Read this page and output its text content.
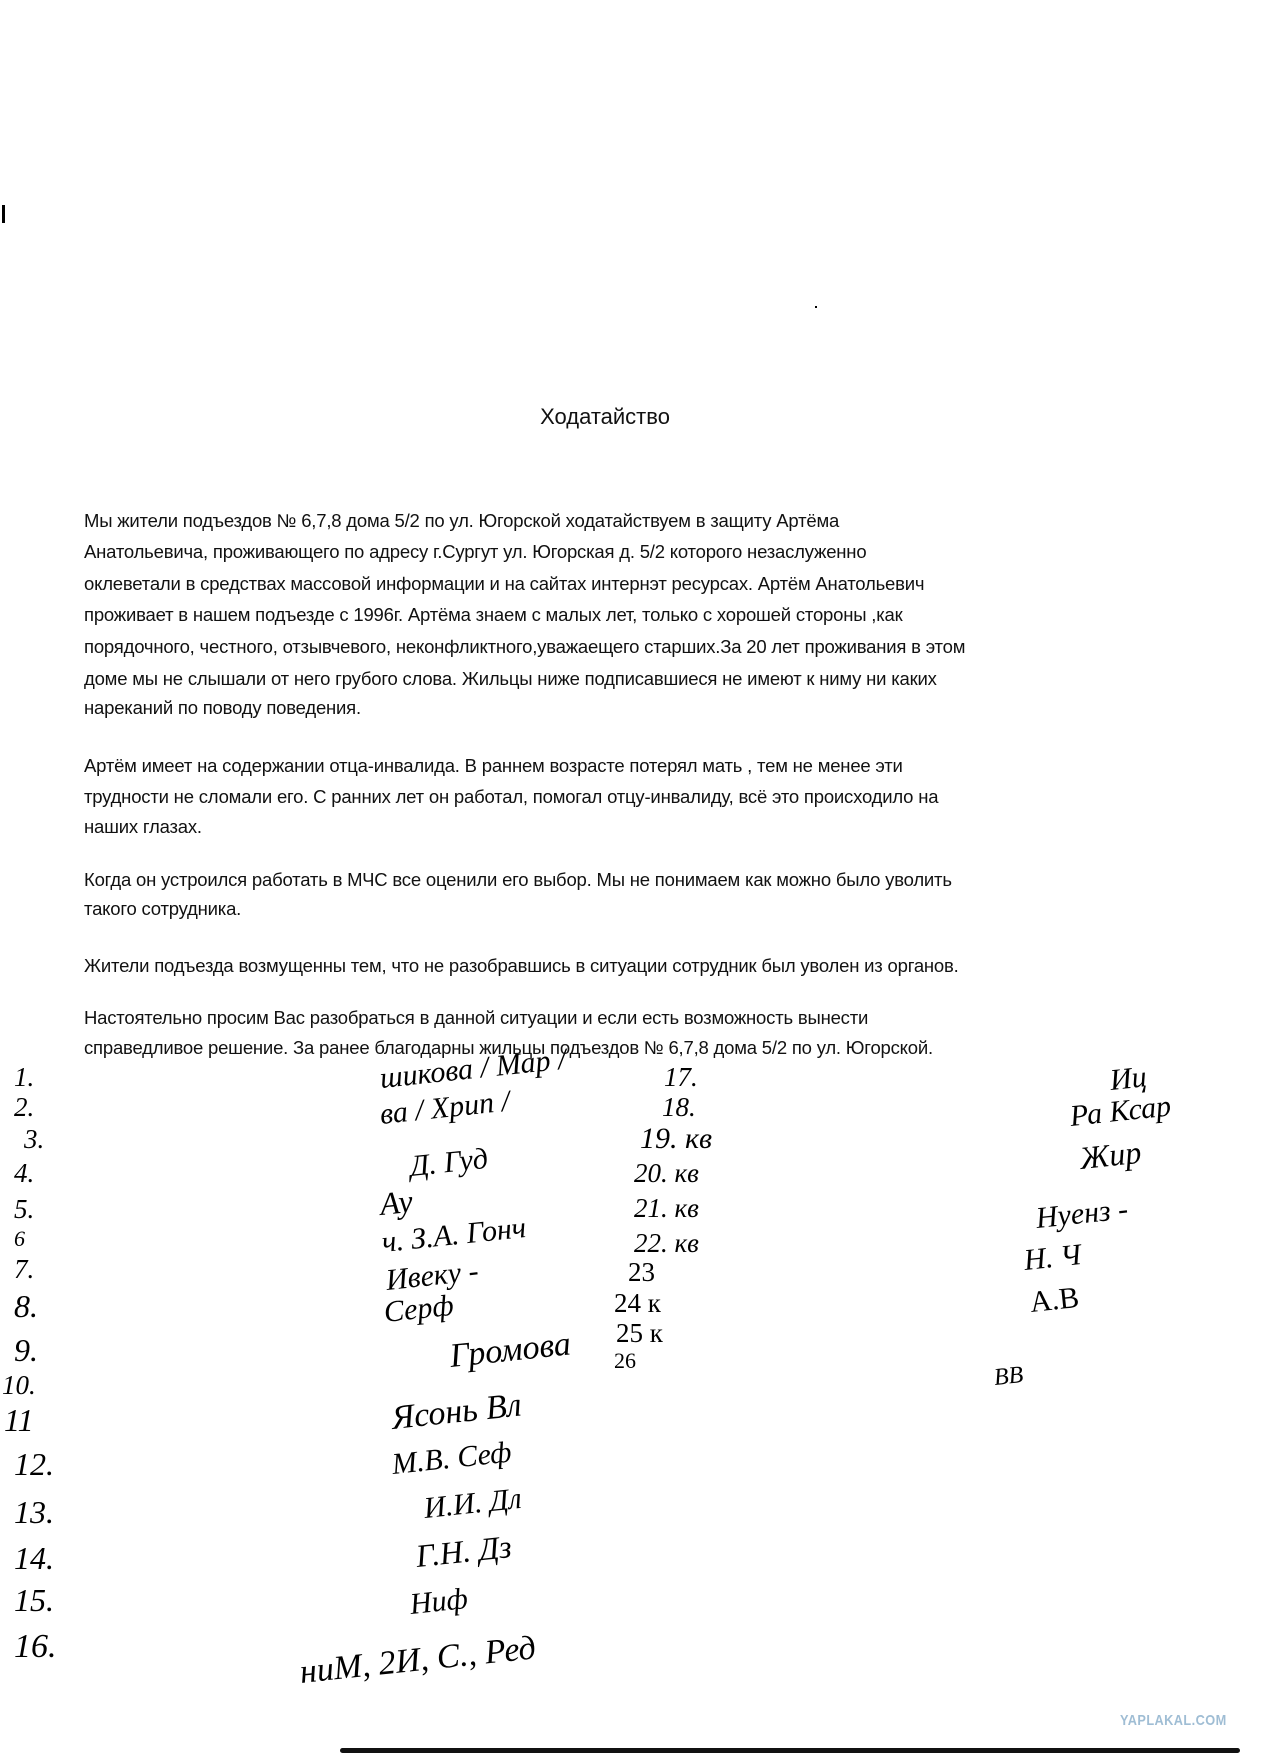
Ходатайство
Мы жители подъездов № 6,7,8 дома 5/2 по ул. Югорской ходатайствуем в защиту Артёма
Анатольевича, проживающего по адресу г.Сургут ул. Югорская д. 5/2 которого незаслуженно
оклеветали в средствах массовой информации и на сайтах интернэт ресурсах. Артём Анатольевич
проживает в нашем подъезде с 1996г. Артёма знаем с малых лет, только с хорошей стороны ,как
порядочного, честного, отзывчевого, неконфликтного,уважаещего старших.За 20 лет проживания в этом
доме мы не слышали от него грубого слова. Жильцы ниже подписавшиеся не имеют к ниму ни каких
нареканий по поводу поведения.
Артём имеет на содержании отца-инвалида. В раннем возрасте потерял мать , тем не менее эти
трудности не сломали его. С ранних лет он работал, помогал отцу-инвалиду, всё это происходило на
наших глазах.
Когда он устроился работать в МЧС все оценили его выбор. Мы не понимаем как можно было уволить
такого сотрудника.
Жители подъезда возмущенны тем, что не разобравшись в ситуации сотрудник был уволен из органов.
Настоятельно просим Вас разобраться в данной ситуации и если есть возможность вынести
справедливое решение. За ранее благодарны жильцы подъездов № 6,7,8 дома 5/2 по ул. Югорской.
1.
2.
3.
4.
5.
6
7.
8.
9.
10.
11
12.
13.
14.
15.
16.
17.
18.
19. кв
20. кв
21. кв
22. кв
23
24 к
25 к
26
шикова / Мар /
ва / Хрип /
Д. Гуд
Ау
ч. З.А. Гонч
Ивеку -
Серф
Громова
Ясонь Вл
М.В. Сеф
И.И. Дл
Г.Н. Дз
Ниф
ниМ, 2И, С., Ред
Иц
Ра Ксар
Жир
Нуенз -
Н. Ч
А.В
ВВ
YAPLAKAL.COM
